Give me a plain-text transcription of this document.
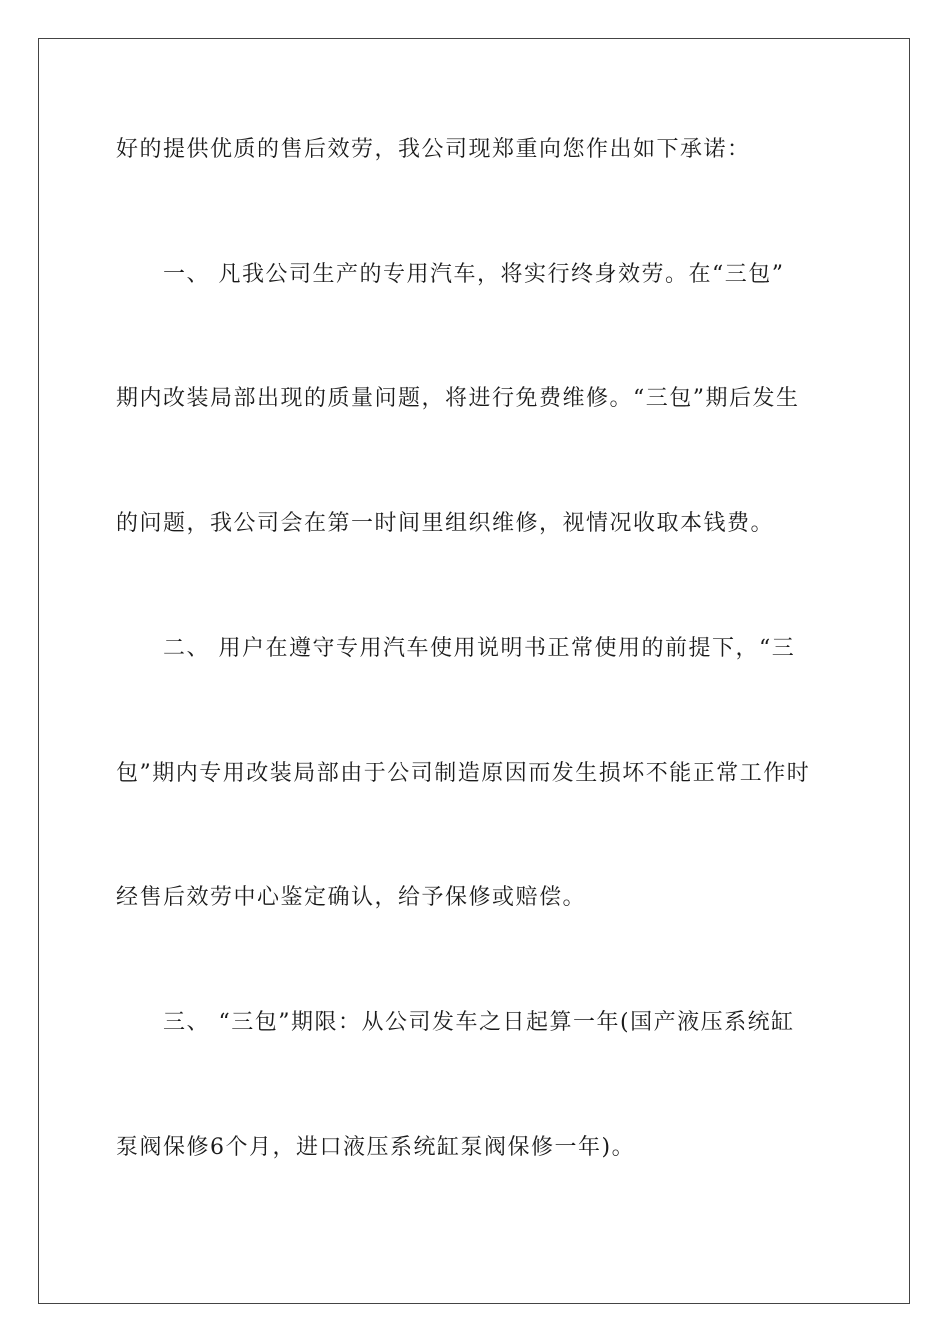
好的提供优质的售后效劳，我公司现郑重向您作出如下承诺：
一、 凡我公司生产的专用汽车，将实行终身效劳。在“三包”
期内改装局部出现的质量问题，将进行免费维修。“三包”期后发生
的问题，我公司会在第一时间里组织维修，视情况收取本钱费。
二、 用户在遵守专用汽车使用说明书正常使用的前提下，“三
包”期内专用改装局部由于公司制造原因而发生损坏不能正常工作时
经售后效劳中心鉴定确认，给予保修或赔偿。
三、 “三包”期限：从公司发车之日起算一年(国产液压系统缸
泵阀保修6个月，进口液压系统缸泵阀保修一年)。
